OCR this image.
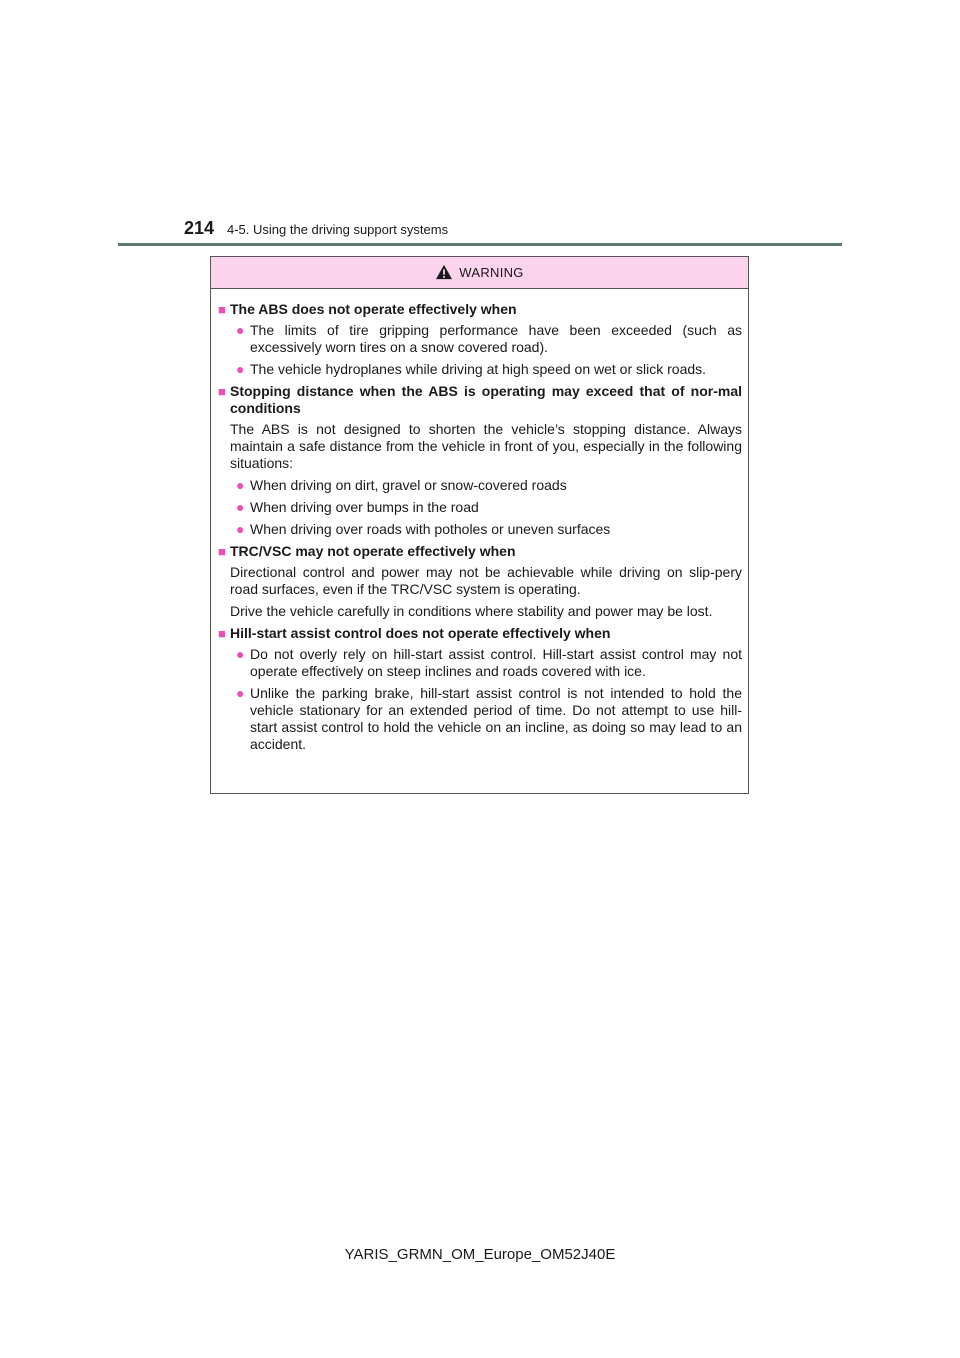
214 4-5. Using the driving support systems
WARNING
■ The ABS does not operate effectively when
● The limits of tire gripping performance have been exceeded (such as excessively worn tires on a snow covered road).
● The vehicle hydroplanes while driving at high speed on wet or slick roads.
■ Stopping distance when the ABS is operating may exceed that of nor-mal conditions
The ABS is not designed to shorten the vehicle’s stopping distance. Always maintain a safe distance from the vehicle in front of you, especially in the following situations:
● When driving on dirt, gravel or snow-covered roads
● When driving over bumps in the road
● When driving over roads with potholes or uneven surfaces
■ TRC/VSC may not operate effectively when
Directional control and power may not be achievable while driving on slip-pery road surfaces, even if the TRC/VSC system is operating.
Drive the vehicle carefully in conditions where stability and power may be lost.
■ Hill-start assist control does not operate effectively when
● Do not overly rely on hill-start assist control. Hill-start assist control may not operate effectively on steep inclines and roads covered with ice.
● Unlike the parking brake, hill-start assist control is not intended to hold the vehicle stationary for an extended period of time. Do not attempt to use hill-start assist control to hold the vehicle on an incline, as doing so may lead to an accident.
YARIS_GRMN_OM_Europe_OM52J40E
